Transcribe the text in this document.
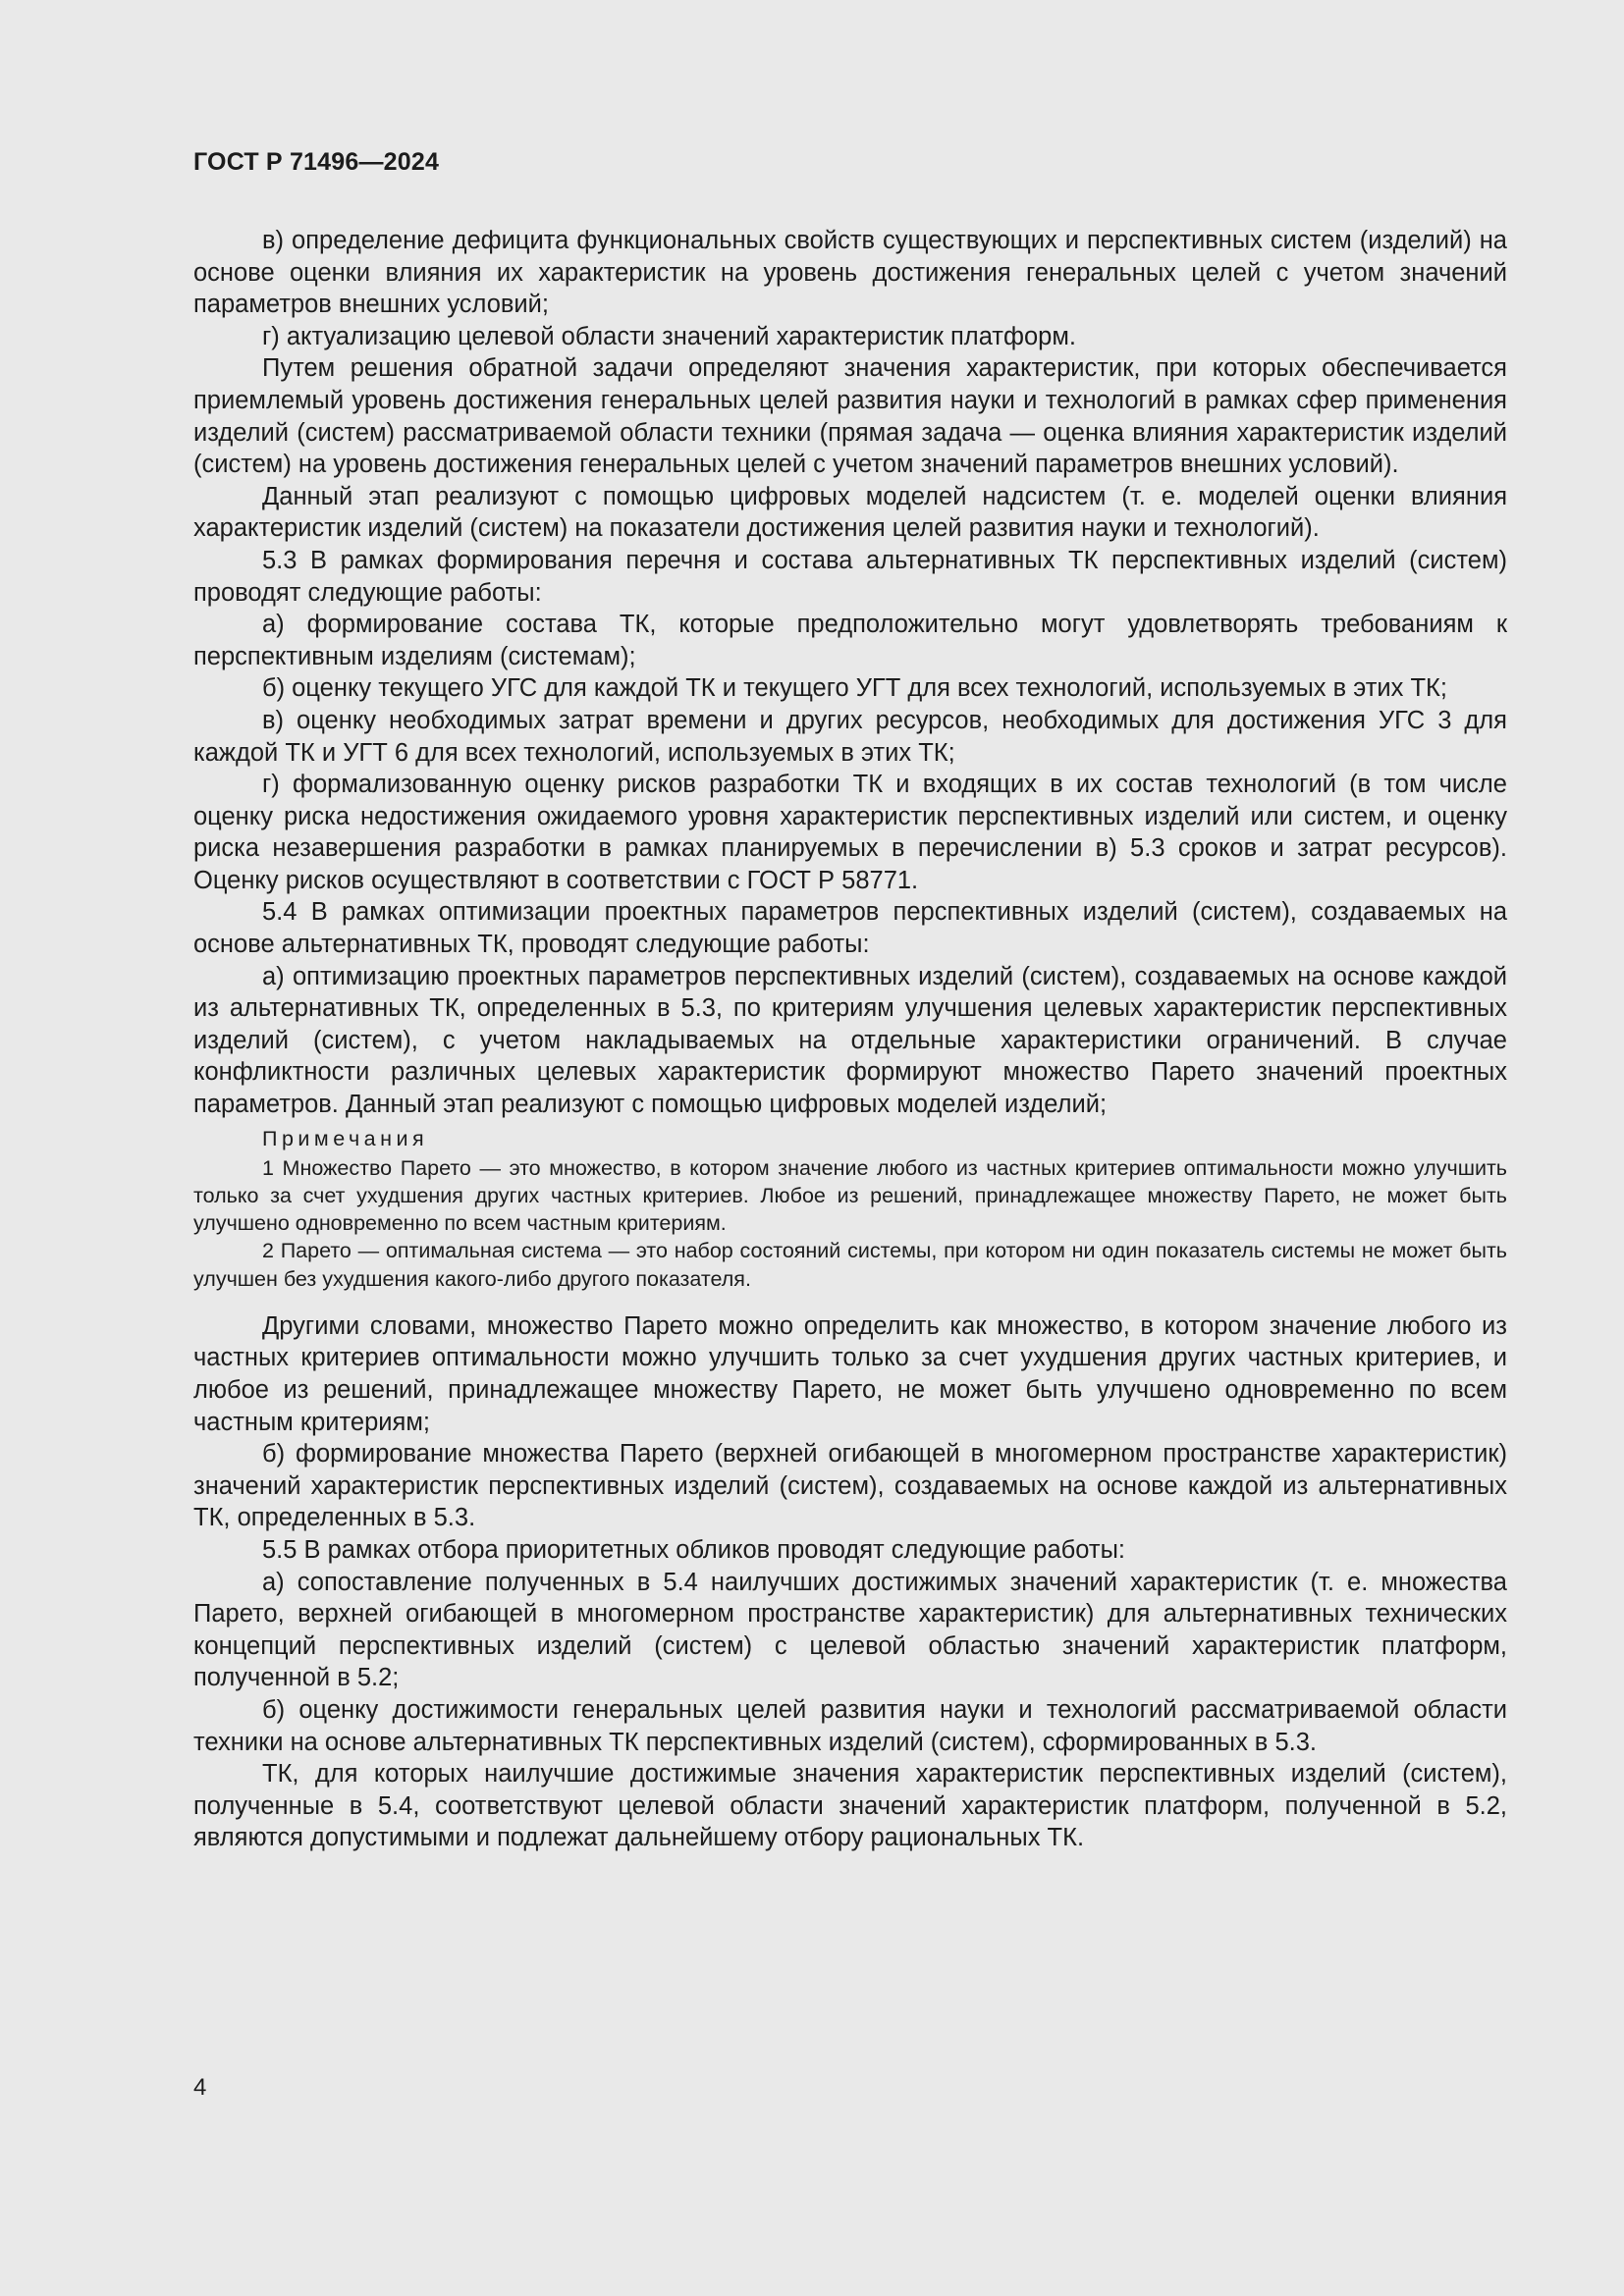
ГОСТ Р 71496—2024

в) определение дефицита функциональных свойств существующих и перспективных систем (изделий) на основе оценки влияния их характеристик на уровень достижения генеральных целей с учетом значений параметров внешних условий;

г) актуализацию целевой области значений характеристик платформ.

Путем решения обратной задачи определяют значения характеристик, при которых обеспечивается приемлемый уровень достижения генеральных целей развития науки и технологий в рамках сфер применения изделий (систем) рассматриваемой области техники (прямая задача — оценка влияния характеристик изделий (систем) на уровень достижения генеральных целей с учетом значений параметров внешних условий).

Данный этап реализуют с помощью цифровых моделей надсистем (т. е. моделей оценки влияния характеристик изделий (систем) на показатели достижения целей развития науки и технологий).

5.3 В рамках формирования перечня и состава альтернативных ТК перспективных изделий (систем) проводят следующие работы:

а) формирование состава ТК, которые предположительно могут удовлетворять требованиям к перспективным изделиям (системам);

б) оценку текущего УГС для каждой ТК и текущего УГТ для всех технологий, используемых в этих ТК;

в) оценку необходимых затрат времени и других ресурсов, необходимых для достижения УГС 3 для каждой ТК и УГТ 6 для всех технологий, используемых в этих ТК;

г) формализованную оценку рисков разработки ТК и входящих в их состав технологий (в том числе оценку риска недостижения ожидаемого уровня характеристик перспективных изделий или систем, и оценку риска незавершения разработки в рамках планируемых в перечислении в) 5.3 сроков и затрат ресурсов). Оценку рисков осуществляют в соответствии с ГОСТ Р 58771.

5.4 В рамках оптимизации проектных параметров перспективных изделий (систем), создаваемых на основе альтернативных ТК, проводят следующие работы:

а) оптимизацию проектных параметров перспективных изделий (систем), создаваемых на основе каждой из альтернативных ТК, определенных в 5.3, по критериям улучшения целевых характеристик перспективных изделий (систем), с учетом накладываемых на отдельные характеристики ограничений. В случае конфликтности различных целевых характеристик формируют множество Парето значений проектных параметров. Данный этап реализуют с помощью цифровых моделей изделий;

Примечания

1 Множество Парето — это множество, в котором значение любого из частных критериев оптимальности можно улучшить только за счет ухудшения других частных критериев. Любое из решений, принадлежащее множеству Парето, не может быть улучшено одновременно по всем частным критериям.

2 Парето — оптимальная система — это набор состояний системы, при котором ни один показатель системы не может быть улучшен без ухудшения какого-либо другого показателя.

Другими словами, множество Парето можно определить как множество, в котором значение любого из частных критериев оптимальности можно улучшить только за счет ухудшения других частных критериев, и любое из решений, принадлежащее множеству Парето, не может быть улучшено одновременно по всем частным критериям;

б) формирование множества Парето (верхней огибающей в многомерном пространстве характеристик) значений характеристик перспективных изделий (систем), создаваемых на основе каждой из альтернативных ТК, определенных в 5.3.

5.5 В рамках отбора приоритетных обликов проводят следующие работы:

а) сопоставление полученных в 5.4 наилучших достижимых значений характеристик (т. е. множества Парето, верхней огибающей в многомерном пространстве характеристик) для альтернативных технических концепций перспективных изделий (систем) с целевой областью значений характеристик платформ, полученной в 5.2;

б) оценку достижимости генеральных целей развития науки и технологий рассматриваемой области техники на основе альтернативных ТК перспективных изделий (систем), сформированных в 5.3.

ТК, для которых наилучшие достижимые значения характеристик перспективных изделий (систем), полученные в 5.4, соответствуют целевой области значений характеристик платформ, полученной в 5.2, являются допустимыми и подлежат дальнейшему отбору рациональных ТК.

4
